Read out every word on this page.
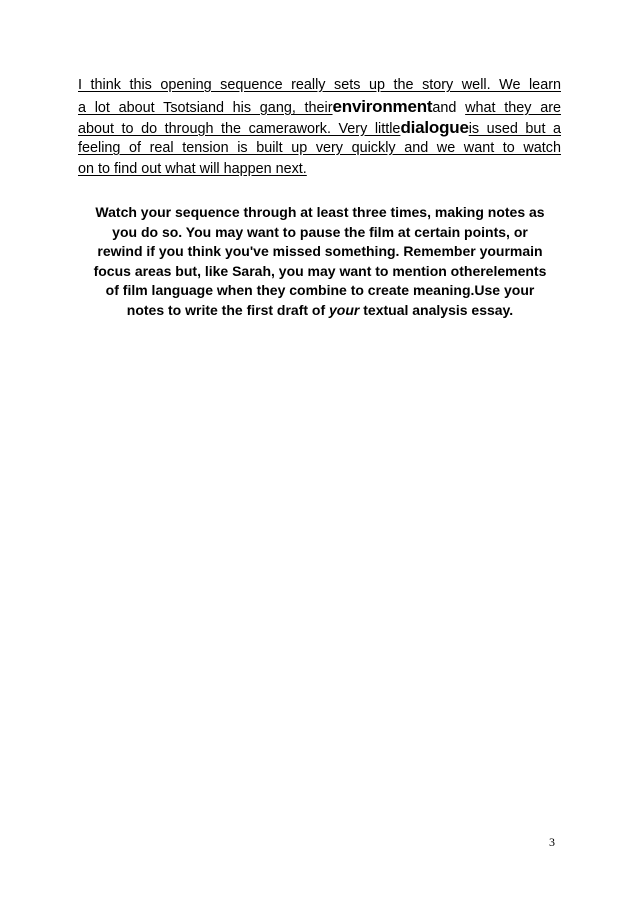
I think this opening sequence really sets up the story well. We learn
a lot about Tsotsiand his gang, theirenvironmentand what they are
about to do through the camerawork. Very littledialogueis used but a
feeling of real tension is built up very quickly and we want to watch
on to find out what will happen next.
Watch your sequence through at least three times, making notes as
you do so. You may want to pause the film at certain points, or
rewind if you think you've missed something. Remember yourmain
focus areas but, like Sarah, you may want to mention otherelements
of film language when they combine to create meaning.Use your
notes to write the first draft of your textual analysis essay.
3
